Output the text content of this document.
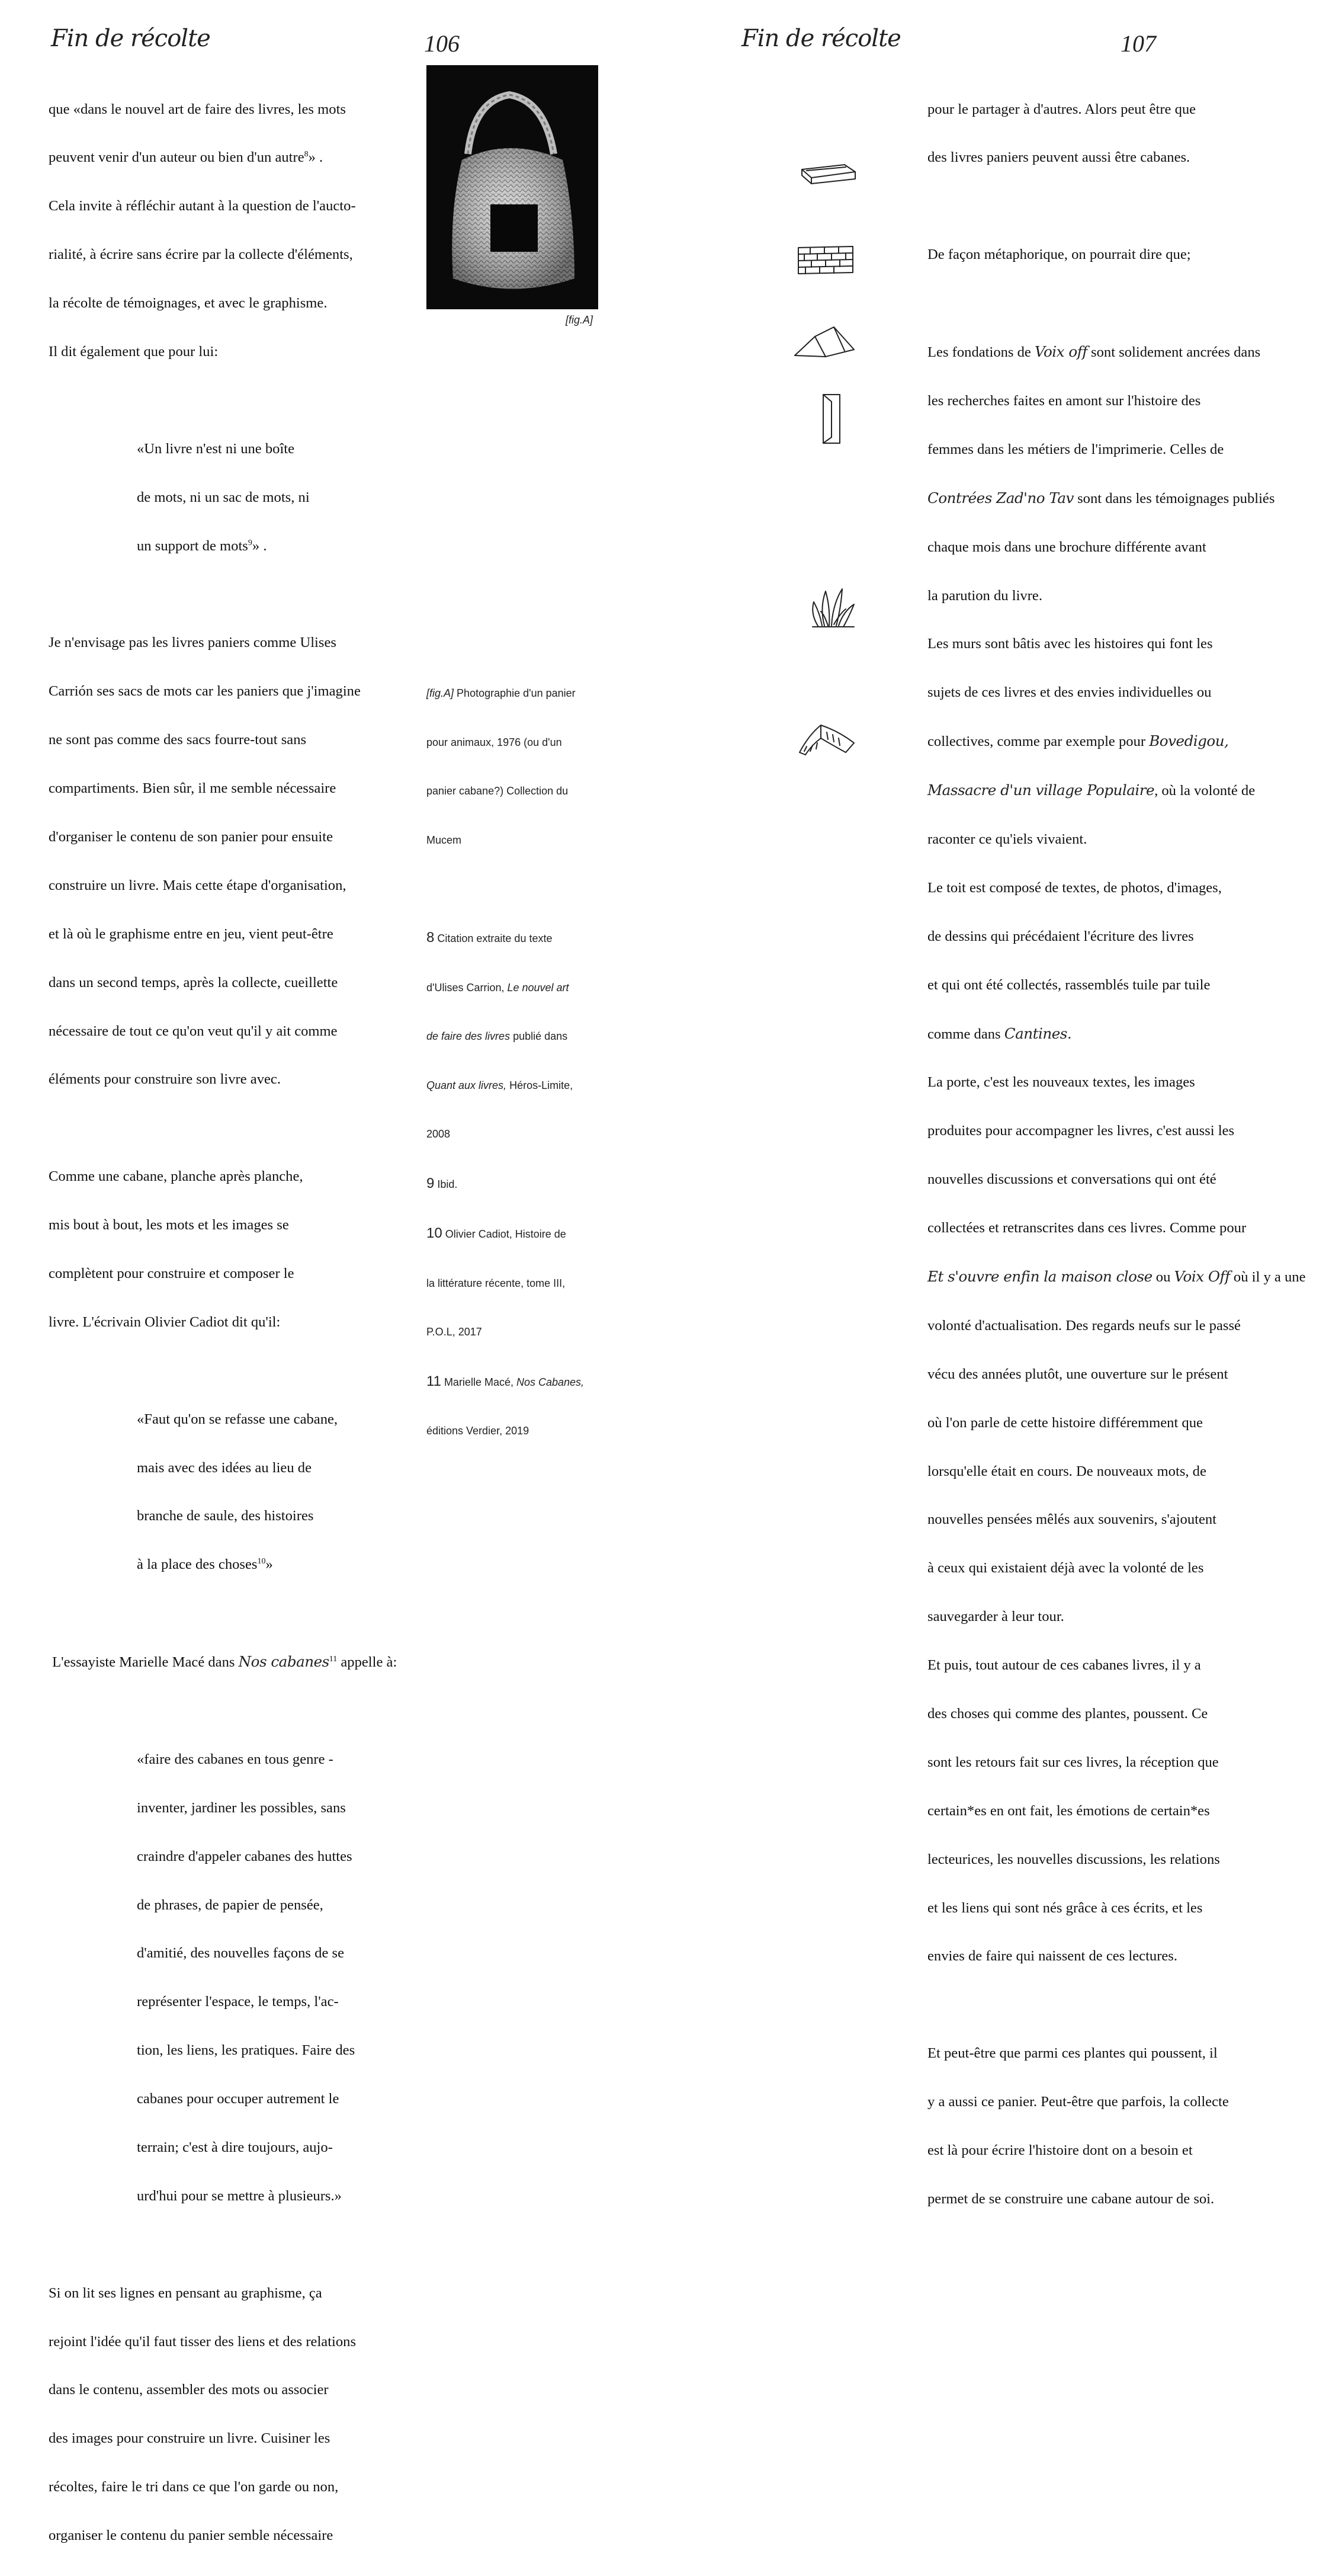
Fin de récolte	106

que «dans le nouvel art de faire des livres, les mots

peuvent venir d'un auteur ou bien d'un autre$^8$» .

Cela invite à réfléchir autant à la question de l'aucto-

rialité, à écrire sans écrire par la collecte d'éléments,

la récolte de témoignages, et avec le graphisme.

Il dit également que pour lui:

«Un livre n'est ni une boîte

de mots, ni un sac de mots, ni

un support de mots$^9$» .

Je n'envisage pas les livres paniers comme Ulises

Carrión ses sacs de mots car les paniers que j'imagine

ne sont pas comme des sacs fourre-tout sans

compartiments. Bien sûr, il me semble nécessaire

d'organiser le contenu de son panier pour ensuite

construire un livre. Mais cette étape d'organisation,

et là où le graphisme entre en jeu, vient peut-être

dans un second temps, après la collecte, cueillette

nécessaire de tout ce qu'on veut qu'il y ait comme

éléments pour construire son livre avec.

Comme une cabane, planche après planche,

mis bout à bout, les mots et les images se

complètent pour construire et composer le

livre. L'écrivain Olivier Cadiot dit qu'il:

«Faut qu'on se refasse une cabane,

mais avec des idées au lieu de

branche de saule, des histoires

à la place des choses$^{10}$»

L'essayiste Marielle Macé dans Nos cabanes$^{11}$ appelle à:

«faire des cabanes en tous genre -

inventer, jardiner les possibles, sans

craindre d'appeler cabanes des huttes

de phrases, de papier de pensée,

d'amitié, des nouvelles façons de se

représenter l'espace, le temps, l'ac-

tion, les liens, les pratiques. Faire des

cabanes pour occuper autrement le

terrain; c'est à dire toujours, aujo-

urd'hui pour se mettre à plusieurs.»

Si on lit ses lignes en pensant au graphisme, ça

rejoint l'idée qu'il faut tisser des liens et des relations

dans le contenu, assembler des mots ou associer

des images pour construire un livre. Cuisiner les

récoltes, faire le tri dans ce que l'on garde ou non,

organiser le contenu du panier semble nécessaire

[fig.A]

[fig.A] Photographie d'un panier

pour animaux, 1976 (ou d'un

panier cabane?) Collection du

Mucem

8 Citation extraite du texte

d'Ulises Carrion, Le nouvel art

de faire des livres publié dans

Quant aux livres, Héros-Limite,

2008

9 Ibid.

10 Olivier Cadiot, Histoire de

la littérature récente, tome III,

P.O.L, 2017

11 Marielle Macé, Nos Cabanes,

éditions Verdier, 2019

Fin de récolte	107

pour le partager à d'autres. Alors peut être que

des livres paniers peuvent aussi être cabanes.

De façon métaphorique, on pourrait dire que;

Les fondations de Voix off sont solidement ancrées dans

les recherches faites en amont sur l'histoire des

femmes dans les métiers de l'imprimerie. Celles de

Contrées Zad'no Tav sont dans les témoignages publiés

chaque mois dans une brochure différente avant

la parution du livre.

Les murs sont bâtis avec les histoires qui font les

sujets de ces livres et des envies individuelles ou

collectives, comme par exemple pour Bovedigou,

Massacre d'un village Populaire, où la volonté de

raconter ce qu'iels vivaient.

Le toit est composé de textes, de photos, d'images,

de dessins qui précédaient l'écriture des livres

et qui ont été collectés, rassemblés tuile par tuile

comme dans Cantines.

La porte, c'est les nouveaux textes, les images

produites pour accompagner les livres, c'est aussi les

nouvelles discussions et conversations qui ont été

collectées et retranscrites dans ces livres. Comme pour

Et s'ouvre enfin la maison close ou Voix Off où il y a une

volonté d'actualisation. Des regards neufs sur le passé

vécu des années plutôt, une ouverture sur le présent

où l'on parle de cette histoire différemment que

lorsqu'elle était en cours. De nouveaux mots, de

nouvelles pensées mêlés aux souvenirs, s'ajoutent

à ceux qui existaient déjà avec la volonté de les

sauvegarder à leur tour.

Et puis, tout autour de ces cabanes livres, il y a

des choses qui comme des plantes, poussent. Ce

sont les retours fait sur ces livres, la réception que

certain*es en ont fait, les émotions de certain*es

lecteurices, les nouvelles discussions, les relations

et les liens qui sont nés grâce à ces écrits, et les

envies de faire qui naissent de ces lectures.

Et peut-être que parmi ces plantes qui poussent, il

y a aussi ce panier. Peut-être que parfois, la collecte

est là pour écrire l'histoire dont on a besoin et

permet de se construire une cabane autour de soi.
